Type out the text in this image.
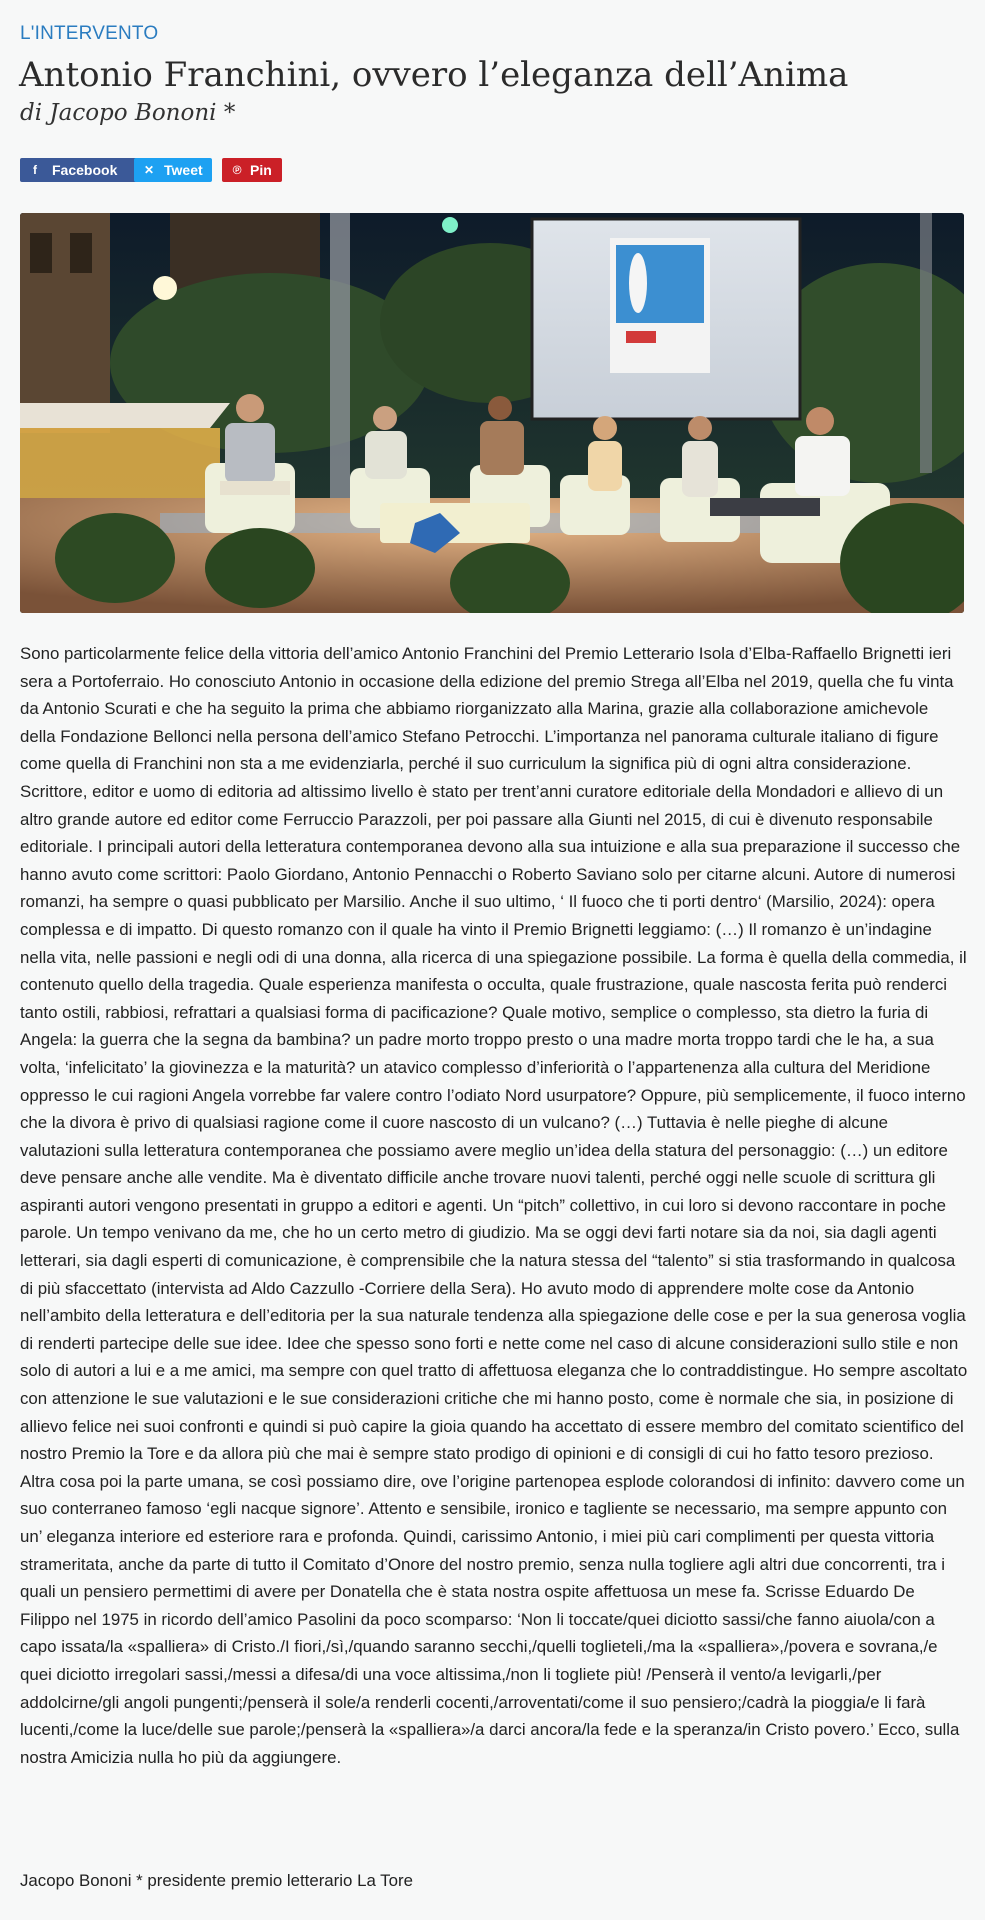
L'INTERVENTO
Antonio Franchini, ovvero l’eleganza dell’Anima

di Jacopo Bononi *

f	Facebook	✕ Tweet	℗ Pin

Sono particolarmente felice della vittoria dell’amico Antonio Franchini del Premio Letterario Isola d’Elba-Raffaello Brignetti ieri sera a Portoferraio. Ho conosciuto Antonio in occasione della edizione del premio Strega all’Elba nel 2019, quella che fu vinta da Antonio Scurati e che ha seguito la prima che abbiamo riorganizzato alla Marina, grazie alla collaborazione amichevole della Fondazione Bellonci nella persona dell’amico Stefano Petrocchi. L’importanza nel panorama culturale italiano di figure come quella di Franchini non sta a me evidenziarla, perché il suo curriculum la significa più di ogni altra considerazione. Scrittore, editor e uomo di editoria ad altissimo livello è stato per trent’anni curatore editoriale della Mondadori e allievo di un altro grande autore ed editor come Ferruccio Parazzoli, per poi passare alla Giunti nel 2015, di cui è divenuto responsabile editoriale. I principali autori della letteratura contemporanea devono alla sua intuizione e alla sua preparazione il successo che hanno avuto come scrittori: Paolo Giordano, Antonio Pennacchi o Roberto Saviano solo per citarne alcuni. Autore di numerosi romanzi, ha sempre o quasi pubblicato per Marsilio. Anche il suo ultimo, ‘ Il fuoco che ti porti dentro‘ (Marsilio, 2024): opera complessa e di impatto. Di questo romanzo con il quale ha vinto il Premio Brignetti leggiamo: (…) Il romanzo è un’indagine nella vita, nelle passioni e negli odi di una donna, alla ricerca di una spiegazione possibile. La forma è quella della commedia, il contenuto quello della tragedia. Quale esperienza manifesta o occulta, quale frustrazione, quale nascosta ferita può renderci tanto ostili, rabbiosi, refrattari a qualsiasi forma di pacificazione? Quale motivo, semplice o complesso, sta dietro la furia di Angela: la guerra che la segna da bambina? un padre morto troppo presto o una madre morta troppo tardi che le ha, a sua volta, ‘infelicitato’ la giovinezza e la maturità? un atavico complesso d’inferiorità o l’appartenenza alla cultura del Meridione oppresso le cui ragioni Angela vorrebbe far valere contro l’odiato Nord usurpatore? Oppure, più semplicemente, il fuoco interno che la divora è privo di qualsiasi ragione come il cuore nascosto di un vulcano? (…) Tuttavia è nelle pieghe di alcune valutazioni sulla letteratura contemporanea che possiamo avere meglio un’idea della statura del personaggio: (…) un editore deve pensare anche alle vendite. Ma è diventato difficile anche trovare nuovi talenti, perché oggi nelle scuole di scrittura gli aspiranti autori vengono presentati in gruppo a editori e agenti. Un “pitch” collettivo, in cui loro si devono raccontare in poche parole. Un tempo venivano da me, che ho un certo metro di giudizio. Ma se oggi devi farti notare sia da noi, sia dagli agenti letterari, sia dagli esperti di comunicazione, è comprensibile che la natura stessa del “talento” si stia trasformando in qualcosa di più sfaccettato (intervista ad Aldo Cazzullo -Corriere della Sera). Ho avuto modo di apprendere molte cose da Antonio nell’ambito della letteratura e dell’editoria per la sua naturale tendenza alla spiegazione delle cose e per la sua generosa voglia di renderti partecipe delle sue idee. Idee che spesso sono forti e nette come nel caso di alcune considerazioni sullo stile e non solo di autori a lui e a me amici, ma sempre con quel tratto di affettuosa eleganza che lo contraddistingue. Ho sempre ascoltato con attenzione le sue valutazioni e le sue considerazioni critiche che mi hanno posto, come è normale che sia, in posizione di allievo felice nei suoi confronti e quindi si può capire la gioia quando ha accettato di essere membro del comitato scientifico del nostro Premio la Tore e da allora più che mai è sempre stato prodigo di opinioni e di consigli di cui ho fatto tesoro prezioso. Altra cosa poi la parte umana, se così possiamo dire, ove l’origine partenopea esplode colorandosi di infinito: davvero come un suo conterraneo famoso ‘egli nacque signore’. Attento e sensibile, ironico e tagliente se necessario, ma sempre appunto con un’ eleganza interiore ed esteriore rara e profonda. Quindi, carissimo Antonio, i miei più cari complimenti per questa vittoria strameritata, anche da parte di tutto il Comitato d’Onore del nostro premio, senza nulla togliere agli altri due concorrenti, tra i quali un pensiero permettimi di avere per Donatella che è stata nostra ospite affettuosa un mese fa. Scrisse Eduardo De Filippo nel 1975 in ricordo dell’amico Pasolini da poco scomparso: ‘Non li toccate/quei diciotto sassi/che fanno aiuola/con a capo issata/la «spalliera» di Cristo./I fiori,/sì,/quando saranno secchi,/quelli toglieteli,/ma la «spalliera»,/povera e sovrana,/e quei diciotto irregolari sassi,/messi a difesa/di una voce altissima,/non li togliete più! /Penserà il vento/a levigarli,/per addolcirne/gli angoli pungenti;/penserà il sole/a renderli cocenti,/arroventati/come il suo pensiero;/cadrà la pioggia/e li farà lucenti,/come la luce/delle sue parole;/penserà la «spalliera»/a darci ancora/la fede e la speranza/in Cristo povero.’ Ecco, sulla nostra Amicizia nulla ho più da aggiungere.

Jacopo Bononi * presidente premio letterario La Tore
